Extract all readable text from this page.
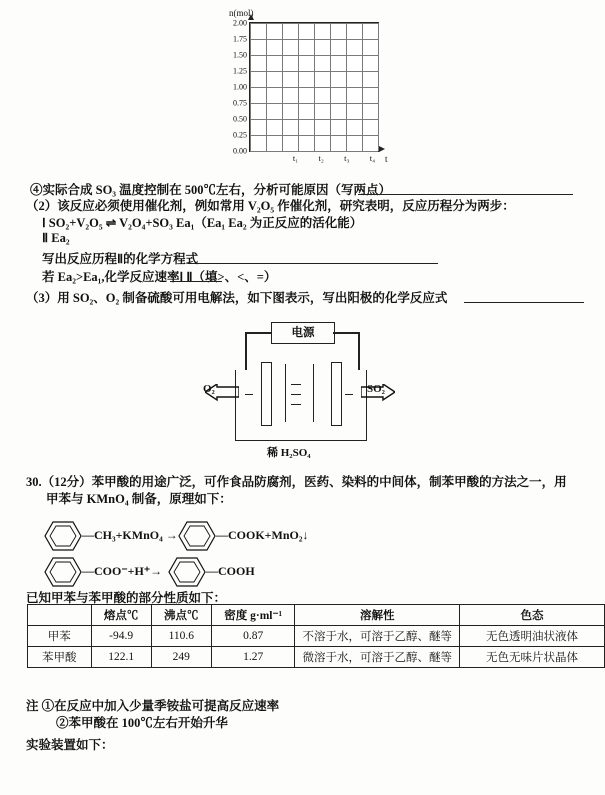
n(mol)
2.00
1.75
1.50
1.25
1.00
0.75
0.50
0.25
0.00
t₁ t₂ t₃ t₄ t
④实际合成 SO₃ 温度控制在 500℃左右，分析可能原因（写两点）
（2）该反应必须使用催化剂，例如常用 V₂O₅ 作催化剂，研究表明，反应历程分为两步：
Ⅰ SO₂+V₂O₅ ⇌ V₂O₄+SO₃ Ea₁（Ea₁ Ea₂ 为正反应的活化能）
Ⅱ Ea₂
写出反应历程Ⅱ的化学方程式
若 Ea₂>Ea₁,化学反应速率Ⅰ Ⅱ（填>、<、=）
（3）用 SO₂、O₂ 制备硫酸可用电解法，如下图表示，写出阳极的化学反应式
电源
O₂	SO₂
稀 H₂SO₄
30.（12分）苯甲酸的用途广泛，可作食品防腐剂，医药、染料的中间体，制苯甲酸的方法之一，用
甲苯与 KMnO₄ 制备，原理如下：
—CH₃+KMnO₄ →	—COOK+MnO₂↓
—COO⁻+H⁺→	—COOH
已知甲苯与苯甲酸的部分性质如下：
	熔点℃	沸点℃	密度 g·ml⁻¹	溶解性	色态
甲苯	-94.9	110.6	0.87	不溶于水，可溶于乙醇、醚等	无色透明油状液体
苯甲酸	122.1	249	1.27	微溶于水，可溶于乙醇、醚等	无色无味片状晶体
注 ①在反应中加入少量季铵盐可提高反应速率
②苯甲酸在 100℃左右开始升华
实验装置如下：
